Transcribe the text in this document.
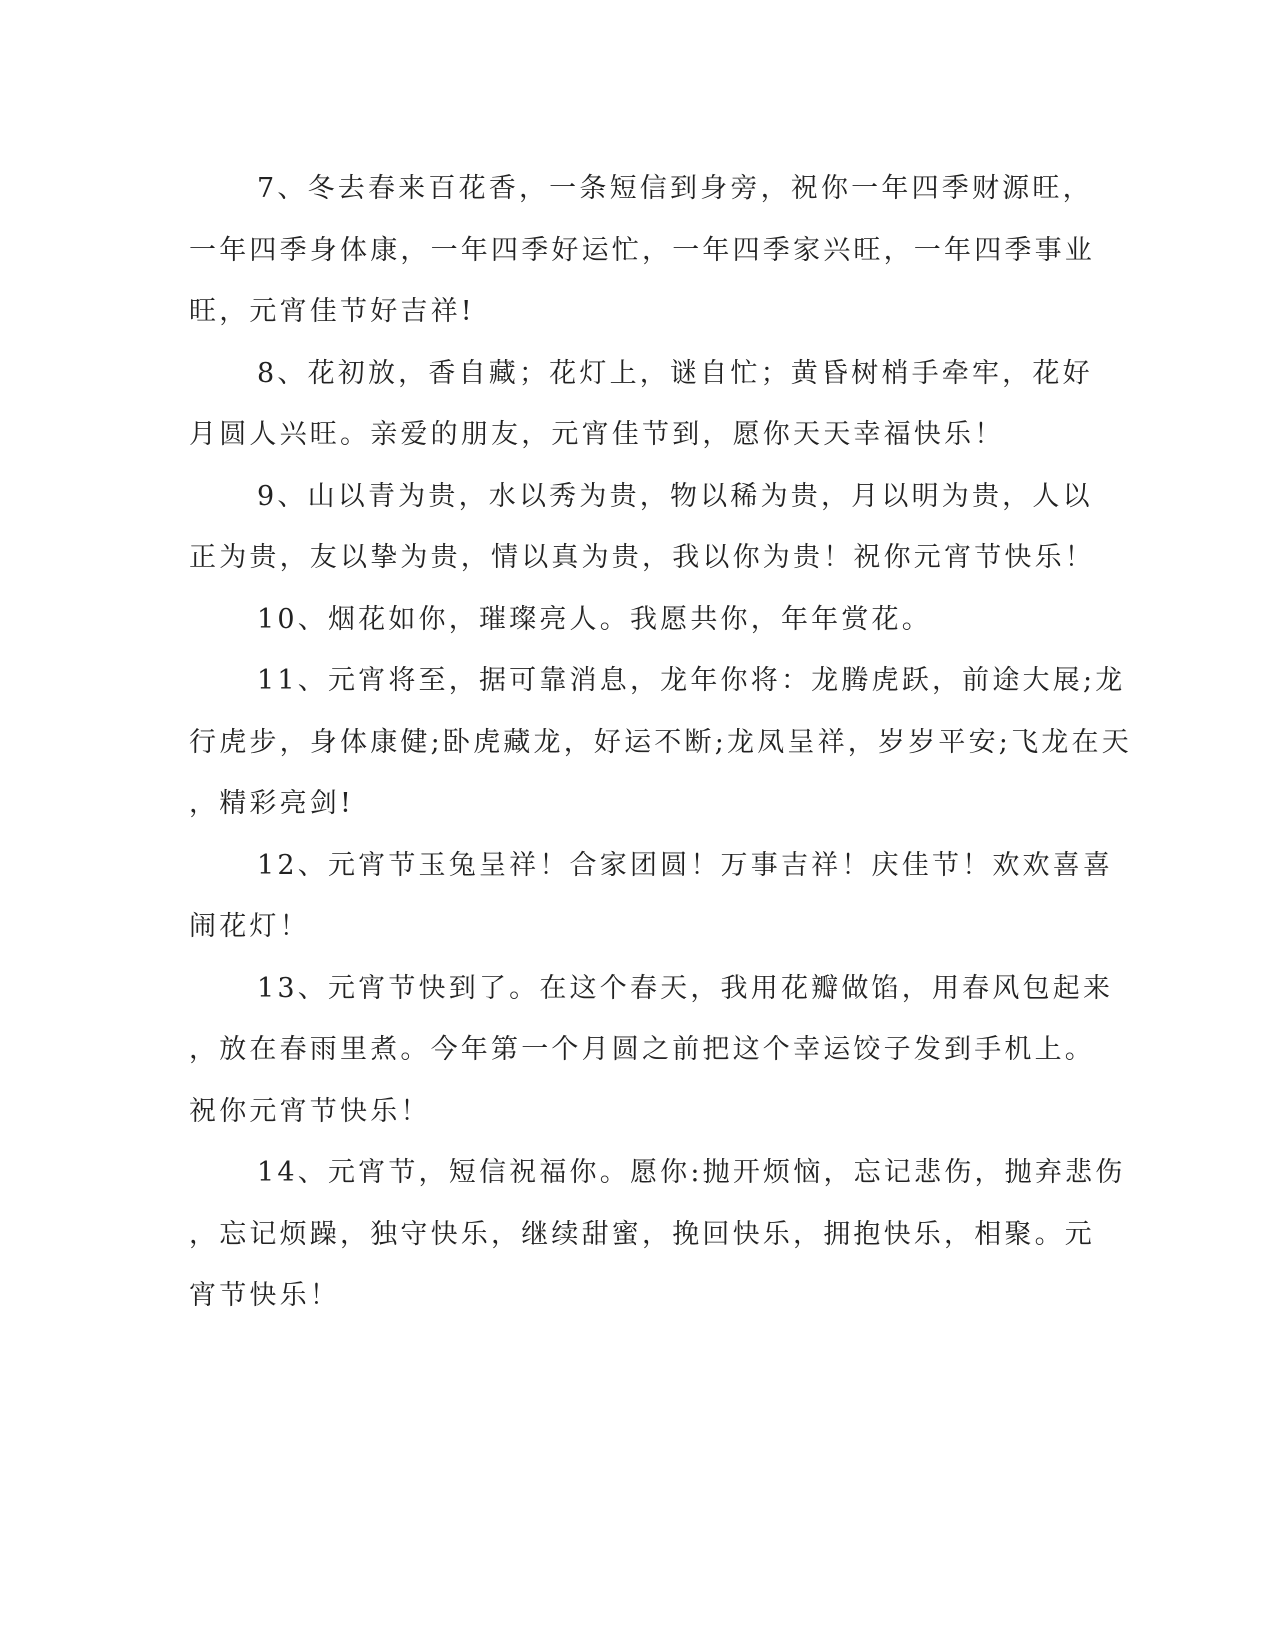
7、冬去春来百花香，一条短信到身旁，祝你一年四季财源旺，
一年四季身体康，一年四季好运忙，一年四季家兴旺，一年四季事业
旺，元宵佳节好吉祥!

8、花初放，香自藏；花灯上，谜自忙；黄昏树梢手牵牢，花好
月圆人兴旺。亲爱的朋友，元宵佳节到，愿你天天幸福快乐！

9、山以青为贵，水以秀为贵，物以稀为贵，月以明为贵，人以
正为贵，友以挚为贵，情以真为贵，我以你为贵！祝你元宵节快乐！

10、烟花如你，璀璨亮人。我愿共你，年年赏花。

11、元宵将至，据可靠消息，龙年你将：龙腾虎跃，前途大展;龙
行虎步，身体康健;卧虎藏龙，好运不断;龙凤呈祥，岁岁平安;飞龙在天
，精彩亮剑!

12、元宵节玉兔呈祥！合家团圆！万事吉祥！庆佳节！欢欢喜喜
闹花灯！

13、元宵节快到了。在这个春天，我用花瓣做馅，用春风包起来
，放在春雨里煮。今年第一个月圆之前把这个幸运饺子发到手机上。
祝你元宵节快乐！

14、元宵节，短信祝福你。愿你:抛开烦恼，忘记悲伤，抛弃悲伤
，忘记烦躁，独守快乐，继续甜蜜，挽回快乐，拥抱快乐，相聚。元
宵节快乐！
